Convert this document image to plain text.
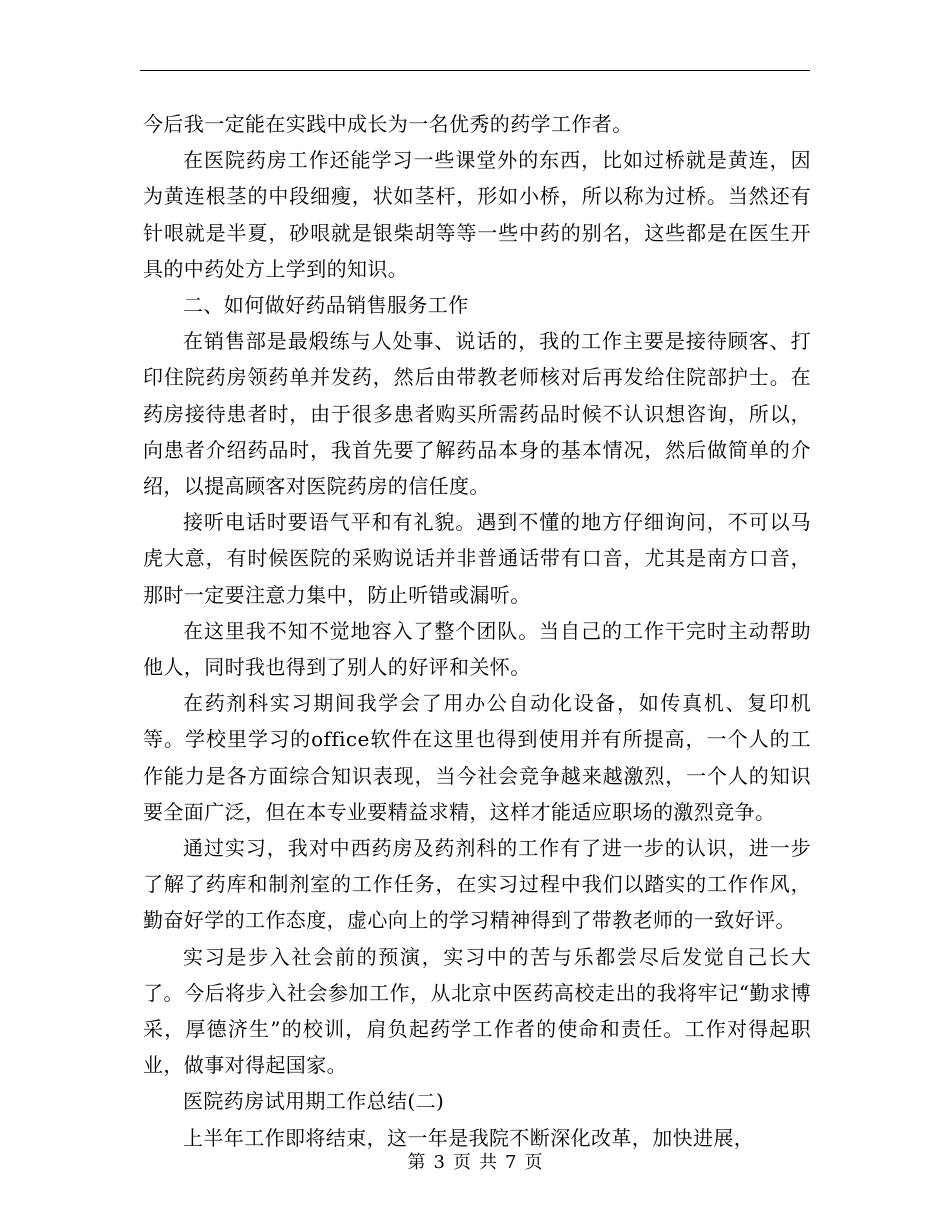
今后我一定能在实践中成长为一名优秀的药学工作者。

在医院药房工作还能学习一些课堂外的东西，比如过桥就是黄连，因为黄连根茎的中段细瘦，状如茎杆，形如小桥，所以称为过桥。当然还有针哏就是半夏，砂哏就是银柴胡等等一些中药的别名，这些都是在医生开具的中药处方上学到的知识。

二、如何做好药品销售服务工作

在销售部是最煅练与人处事、说话的，我的工作主要是接待顾客、打印住院药房领药单并发药，然后由带教老师核对后再发给住院部护士。在药房接待患者时，由于很多患者购买所需药品时候不认识想咨询，所以，向患者介绍药品时，我首先要了解药品本身的基本情况，然后做简单的介绍，以提高顾客对医院药房的信任度。

接听电话时要语气平和有礼貌。遇到不懂的地方仔细询问，不可以马虎大意，有时候医院的采购说话并非普通话带有口音，尤其是南方口音，那时一定要注意力集中，防止听错或漏听。

在这里我不知不觉地容入了整个团队。当自己的工作干完时主动帮助他人，同时我也得到了别人的好评和关怀。

在药剂科实习期间我学会了用办公自动化设备，如传真机、复印机等。学校里学习的office软件在这里也得到使用并有所提高，一个人的工作能力是各方面综合知识表现，当今社会竞争越来越激烈，一个人的知识要全面广泛，但在本专业要精益求精，这样才能适应职场的激烈竞争。

通过实习，我对中西药房及药剂科的工作有了进一步的认识，进一步了解了药库和制剂室的工作任务，在实习过程中我们以踏实的工作作风，勤奋好学的工作态度，虚心向上的学习精神得到了带教老师的一致好评。

实习是步入社会前的预演，实习中的苦与乐都尝尽后发觉自己长大了。今后将步入社会参加工作，从北京中医药高校走出的我将牢记“勤求博采，厚德济生”的校训，肩负起药学工作者的使命和责任。工作对得起职业，做事对得起国家。

医院药房试用期工作总结(二)

上半年工作即将结束，这一年是我院不断深化改革，加快进展，

第 3 页 共 7 页
